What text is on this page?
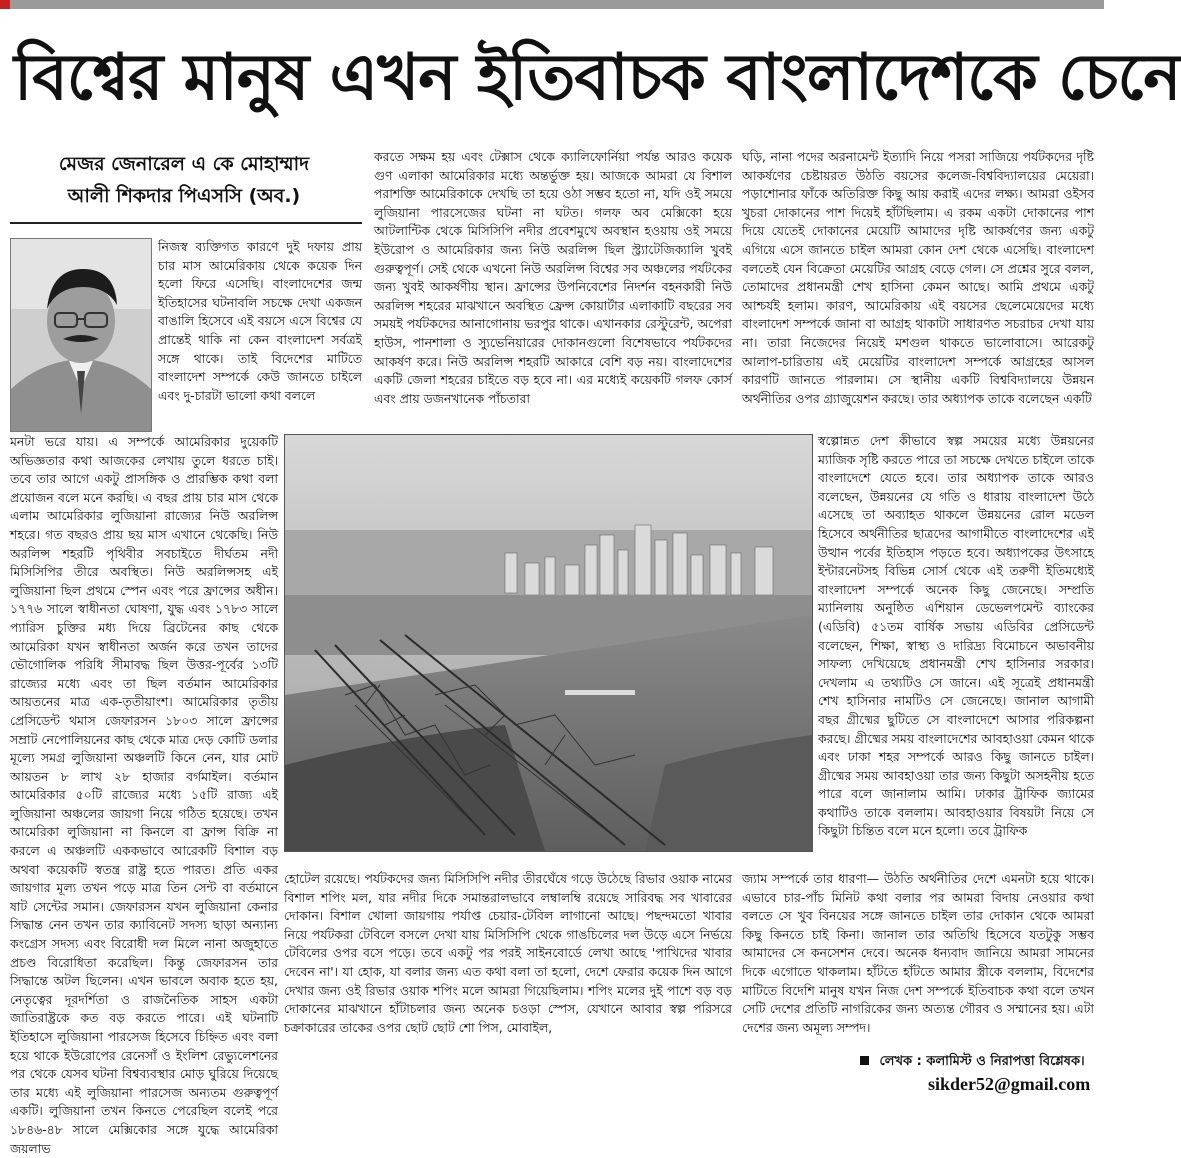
বিশ্বের মানুষ এখন ইতিবাচক বাংলাদেশকে চেনে
মেজর জেনারেল এ কে মোহাম্মাদ
আলী শিকদার পিএসসি (অব.)

নিজস্ব ব্যক্তিগত কারণে দুই দফায় প্রায় চার মাস আমেরিকায় থেকে কয়েক দিন হলো ফিরে এসেছি। বাংলাদেশের জন্ম ইতিহাসের ঘটনাবলি সচক্ষে দেখা একজন বাঙালি হিসেবে এই বয়সে এসে বিশ্বের যে প্রান্তেই থাকি না কেন বাংলাদেশ সর্বত্রই সঙ্গে থাকে। তাই বিদেশের মাটিতে বাংলাদেশ সম্পর্কে কেউ জানতে চাইলে এবং দু-চারটা ভালো কথা বললে

মনটা ভরে যায়। এ সম্পর্কে আমেরিকার দুয়েকটি অভিজ্ঞতার কথা আজকের লেখায় তুলে ধরতে চাই। তবে তার আগে একটু প্রাসঙ্গিক ও প্রারম্ভিক কথা বলা প্রয়োজন বলে মনে করছি। এ বছর প্রায় চার মাস থেকে এলাম আমেরিকার লুজিয়ানা রাজ্যের নিউ অরলিন্স শহরে। গত বছরও প্রায় ছয় মাস এখানে থেকেছি। নিউ অরলিন্স শহরটি পৃথিবীর সবচাইতে দীর্ঘতম নদী মিসিসিপির তীরে অবস্থিত। নিউ অরলিন্সসহ এই লুজিয়ানা ছিল প্রথমে স্পেন এবং পরে ফ্রান্সের অধীন। ১৭৭৬ সালে স্বাধীনতা ঘোষণা, যুদ্ধ এবং ১৭৮৩ সালে প্যারিস চুক্তির মধ্য দিয়ে ব্রিটেনের কাছ থেকে আমেরিকা যখন স্বাধীনতা অর্জন করে তখন তাদের ভৌগোলিক পরিধি সীমাবদ্ধ ছিল উত্তর-পূর্বের ১৩টি রাজ্যের মধ্যে এবং তা ছিল বর্তমান আমেরিকার আয়তনের মাত্র এক-তৃতীয়াংশ। আমেরিকার তৃতীয় প্রেসিডেন্ট থমাস জেফারসন ১৮০৩ সালে ফ্রান্সের সম্রাট নেপোলিয়নের কাছ থেকে মাত্র দেড় কোটি ডলার মূল্যে সমগ্র লুজিয়ানা অঞ্চলটি কিনে নেন, যার মোট আয়তন ৮ লাখ ২৮ হাজার বর্গমাইল। বর্তমান আমেরিকার ৫০টি রাজ্যের মধ্যে ১৫টি রাজ্য এই লুজিয়ানা অঞ্চলের জায়গা নিয়ে গঠিত হয়েছে। তখন আমেরিকা লুজিয়ানা না কিনলে বা ফ্রান্স বিক্রি না করলে এ অঞ্চলটি এককভাবে আরেকটি বিশাল বড় অথবা কয়েকটি স্বতন্ত্র রাষ্ট্র হতে পারত। প্রতি একর জায়গার মূল্য তখন পড়ে মাত্র তিন সেন্ট বা বর্তমানে ষাট সেন্টের সমান। জেফারসন যখন লুজিয়ানা কেনার সিদ্ধান্ত নেন তখন তার ক্যাবিনেট সদস্য ছাড়া অন্যান্য কংগ্রেস সদস্য এবং বিরোধী দল মিলে নানা অজুহাতে প্রচণ্ড বিরোধিতা করেছিল। কিন্তু জেফারসন তার সিদ্ধান্তে অটল ছিলেন। এখন ভাবলে অবাক হতে হয়, নেতৃত্বের দূরদর্শিতা ও রাজনৈতিক সাহস একটা জাতিরাষ্ট্রকে কত বড় করতে পারে। এই ঘটনাটি ইতিহাসে লুজিয়ানা পারসেজ হিসেবে চিহ্নিত এবং বলা হয়ে থাকে ইউরোপের রেনেসাঁ ও ইংলিশ রেভ্যুলেশনের পর থেকে যেসব ঘটনা বিশ্বব্যবস্থার মোড় ঘুরিয়ে দিয়েছে তার মধ্যে এই লুজিয়ানা পারসেজ অন্যতম গুরুত্বপূর্ণ একটি। লুজিয়ানা তখন কিনতে পেরেছিল বলেই পরে ১৮৪৬-৪৮ সালে মেক্সিকোর সঙ্গে যুদ্ধে আমেরিকা জয়লাভ

করতে সক্ষম হয় এবং টেক্সাস থেকে ক্যালিফোর্নিয়া পর্যন্ত আরও কয়েক গুণ এলাকা আমেরিকার মধ্যে অন্তর্ভুক্ত হয়। আজকে আমরা যে বিশাল পরাশক্তি আমেরিকাকে দেখছি তা হয়ে ওঠা সম্ভব হতো না, যদি ওই সময়ে লুজিয়ানা পারসেজের ঘটনা না ঘটত। গলফ অব মেক্সিকো হয়ে আটলান্টিক থেকে মিসিসিপি নদীর প্রবেশমুখে অবস্থান হওয়ায় ওই সময়ে ইউরোপ ও আমেরিকার জন্য নিউ অরলিন্স ছিল স্ট্র্যাটেজিক্যালি খুবই গুরুত্বপূর্ণ। সেই থেকে এখনো নিউ অরলিন্স বিশ্বের সব অঞ্চলের পর্যটকের জন্য খুবই আকর্ষণীয় স্থান। ফ্রান্সের উপনিবেশের নিদর্শন বহনকারী নিউ অরলিন্স শহরের মাঝখানে অবস্থিত ফ্রেন্স কোয়ার্টার এলাকাটি বছরের সব সময়ই পর্যটকদের আনাগোনায় ভরপুর থাকে। এখানকার রেস্টুরেন্ট, অপেরা হাউস, পানশালা ও স্যুভেনিয়ারের দোকানগুলো বিশেষভাবে পর্যটকদের আকর্ষণ করে। নিউ অরলিন্স শহরটি আকারে বেশি বড় নয়। বাংলাদেশের একটি জেলা শহরের চাইতে বড় হবে না। এর মধ্যেই কয়েকটি গলফ কোর্স এবং প্রায় ডজনখানেক পাঁচতারা

ঘড়ি, নানা পদের অরনামেন্ট ইত্যাদি নিয়ে পসরা সাজিয়ে পর্যটকদের দৃষ্টি আকর্ষণের চেষ্টায়রত উঠতি বয়সের কলেজ-বিশ্ববিদ্যালয়ের মেয়েরা। পড়াশোনার ফাঁকে অতিরিক্ত কিছু আয় করাই এদের লক্ষ্য। আমরা ওইসব খুচরা দোকানের পাশ দিয়েই হাঁটছিলাম। এ রকম একটা দোকানের পাশ দিয়ে যেতেই দোকানের মেয়েটি আমাদের দৃষ্টি আকর্ষণের জন্য একটু এগিয়ে এসে জানতে চাইল আমরা কোন দেশ থেকে এসেছি। বাংলাদেশ বলতেই যেন বিক্রেতা মেয়েটির আগ্রহ বেড়ে গেল। সে প্রশ্নের সুরে বলল, তোমাদের প্রধানমন্ত্রী শেখ হাসিনা কেমন আছে। আমি প্রথমে একটু আশ্চর্যই হলাম। কারণ, আমেরিকায় এই বয়সের ছেলেমেয়েদের মধ্যে বাংলাদেশ সম্পর্কে জানা বা আগ্রহ থাকাটা সাধারণত সচরাচর দেখা যায় না। তারা নিজেদের নিয়েই মশগুল থাকতে ভালোবাসে। আরেকটু আলাপ-চারিতায় এই মেয়েটির বাংলাদেশ সম্পর্কে আগ্রহের আসল কারণটি জানতে পারলাম। সে স্থানীয় একটি বিশ্ববিদ্যালয়ে উন্নয়ন অর্থনীতির ওপর গ্র্যাজুয়েশন করছে। তার অধ্যাপক তাকে বলেছেন একটি

স্বল্পোন্নত দেশ কীভাবে স্বল্প সময়ের মধ্যে উন্নয়নের ম্যাজিক সৃষ্টি করতে পারে তা সচক্ষে দেখতে চাইলে তাকে বাংলাদেশে যেতে হবে। তার অধ্যাপক তাকে আরও বলেছেন, উন্নয়নের যে গতি ও ধারায় বাংলাদেশ উঠে এসেছে তা অব্যাহত থাকলে উন্নয়নের রোল মডেল হিসেবে অর্থনীতির ছাত্রদের আগামীতে বাংলাদেশের এই উত্থান পর্বের ইতিহাস পড়তে হবে। অধ্যাপকের উৎসাহে ইন্টারনেটসহ বিভিন্ন সোর্স থেকে এই তরুণী ইতিমধ্যেই বাংলাদেশ সম্পর্কে অনেক কিছু জেনেছে। সম্প্রতি ম্যানিলায় অনুষ্ঠিত এশিয়ান ডেভেলপমেন্ট ব্যাংকের (এডিবি) ৫১তম বার্ষিক সভায় এডিবির প্রেসিডেন্ট বলেছেন, শিক্ষা, স্বাস্থ্য ও দারিদ্র্য বিমোচনে অভাবনীয় সাফল্য দেখিয়েছে প্রধানমন্ত্রী শেখ হাসিনার সরকার। দেখলাম এ তথ্যটিও সে জানে। এই সূত্রেই প্রধানমন্ত্রী শেখ হাসিনার নামটিও সে জেনেছে। জানাল আগামী বছর গ্রীষ্মের ছুটিতে সে বাংলাদেশে আসার পরিকল্পনা করছে। গ্রীষ্মের সময় বাংলাদেশের আবহাওয়া কেমন থাকে এবং ঢাকা শহর সম্পর্কে আরও কিছু জানতে চাইল। গ্রীষ্মের সময় আবহাওয়া তার জন্য কিছুটা অসহনীয় হতে পারে বলে জানালাম আমি। ঢাকার ট্রাফিক জ্যামের কথাটিও তাকে বললাম। আবহাওয়ার বিষয়টা নিয়ে সে কিছুটা চিন্তিত বলে মনে হলো। তবে ট্রাফিক

হোটেল রয়েছে। পর্যটকদের জন্য মিসিসিপি নদীর তীরঘেঁষে গড়ে উঠেছে রিভার ওয়াক নামের বিশাল শপিং মল, যার নদীর দিকে সমান্তরালভাবে লম্বালম্বি রয়েছে সারিবদ্ধ সব খাবারের দোকান। বিশাল খোলা জায়গায় পর্যাপ্ত চেয়ার-টেবিল লাগানো আছে। পছন্দমতো খাবার নিয়ে পর্যটকরা টেবিলে বসলে দেখা যায় মিসিসিপি থেকে গাঙচিলের দল উড়ে এসে নির্ভয়ে টেবিলের ওপর বসে পড়ে। তবে একটু পর পরই সাইনবোর্ডে লেখা আছে 'পাখিদের খাবার দেবেন না'। যা হোক, যা বলার জন্য এত কথা বলা তা হলো, দেশে ফেরার কয়েক দিন আগে দেখার জন্য ওই রিভার ওয়াক শপিং মলে আমরা গিয়েছিলাম। শপিং মলের দুই পাশে বড় বড় দোকানের মাঝখানে হাঁটাচলার জন্য অনেক চওড়া স্পেস, যেখানে আবার স্বল্প পরিসরে চক্রাকারের তাকের ওপর ছোট ছোট শো পিস, মোবাইল,

জ্যাম সম্পর্কে তার ধারণা— উঠতি অর্থনীতির দেশে এমনটা হয়ে থাকে। এভাবে চার-পাঁচ মিনিট কথা বলার পর আমরা বিদায় নেওয়ার কথা বলতে সে খুব বিনয়ের সঙ্গে জানতে চাইল তার দোকান থেকে আমরা কিছু কিনতে চাই কিনা। জানাল তার অতিথি হিসেবে যতটুকু সম্ভব আমাদের সে কনসেশন দেবে। অনেক ধন্যবাদ জানিয়ে আমরা সামনের দিকে এগোতে থাকলাম। হাঁটতে হাঁটতে আমার স্ত্রীকে বললাম, বিদেশের মাটিতে বিদেশি মানুষ যখন নিজ দেশ সম্পর্কে ইতিবাচক কথা বলে তখন সেটি দেশের প্রতিটি নাগরিকের জন্য অত্যন্ত গৌরব ও সম্মানের হয়। এটা দেশের জন্য অমূল্য সম্পদ।

লেখক : কলামিস্ট ও নিরাপত্তা বিশ্লেষক।
sikder52@gmail.com
